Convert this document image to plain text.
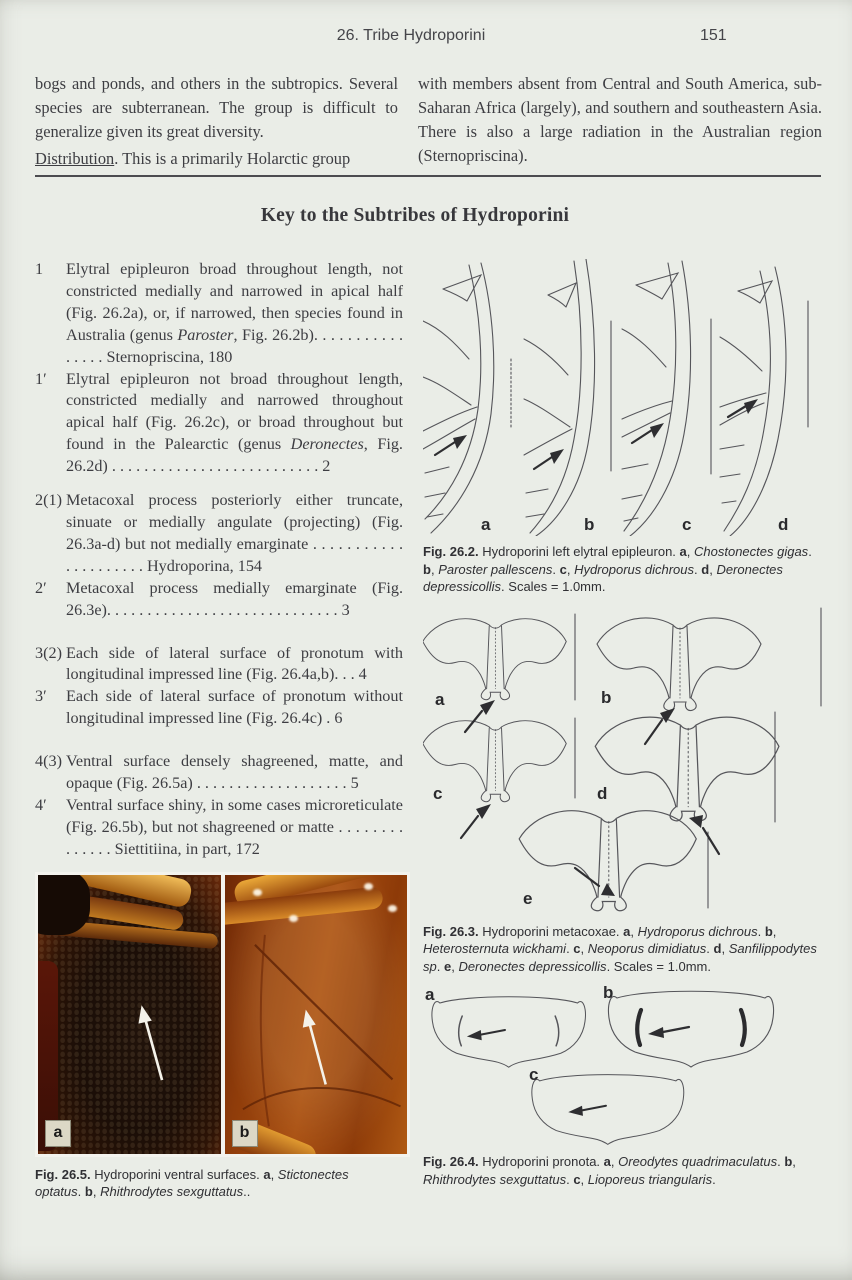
26. Tribe Hydroporini	151

bogs and ponds, and others in the subtropics. Several species are subterranean. The group is difficult to generalize given its great diversity.

Distribution. This is a primarily Holarctic group

with members absent from Central and South America, sub-Saharan Africa (largely), and southern and southeastern Asia. There is also a large radiation in the Australian region (Sternopriscina).

Key to the Subtribes of Hydroporini

1 Elytral epipleuron broad throughout length, not constricted medially and narrowed in apical half (Fig. 26.2a), or, if narrowed, then species found in Australia (genus Paroster, Fig. 26.2b). . . . . . . . . . . . . . . . Sternopriscina, 180

1′ Elytral epipleuron not broad throughout length, constricted medially and narrowed throughout apical half (Fig. 26.2c), or broad throughout but found in the Palearctic (genus Deronectes, Fig. 26.2d) . . . . . . . . . . . . . . . . . . . . . . . . . . 2

2(1) Metacoxal process posteriorly either truncate, sinuate or medially angulate (projecting) (Fig. 26.3a-d) but not medially emarginate . . . . . . . . . . . . . . . . . . . . . Hydroporina, 154

2′ Metacoxal process medially emarginate (Fig. 26.3e). . . . . . . . . . . . . . . . . . . . . . . . . . . . . 3

3(2) Each side of lateral surface of pronotum with longitudinal impressed line (Fig. 26.4a,b). . . 4

3′ Each side of lateral surface of pronotum without longitudinal impressed line (Fig. 26.4c) . 6

4(3) Ventral surface densely shagreened, matte, and opaque (Fig. 26.5a) . . . . . . . . . . . . . . . . . . . 5

4′ Ventral surface shiny, in some cases microreticulate (Fig. 26.5b), but not shagreened or matte . . . . . . . . . . . . . . Siettitiina, in part, 172

a	b

Fig. 26.5. Hydroporini ventral surfaces. a, Stictonectes optatus. b, Rhithrodytes sexguttatus..

a	b	c	d

Fig. 26.2. Hydroporini left elytral epipleuron. a, Chostonectes gigas. b, Paroster pallescens. c, Hydroporus dichrous. d, Deronectes depressicollis. Scales = 1.0mm.

a	b
c	d
e

Fig. 26.3. Hydroporini metacoxae. a, Hydroporus dichrous. b, Heterosternuta wickhami. c, Neoporus dimidiatus. d, Sanfilippodytes sp. e, Deronectes depressicollis. Scales = 1.0mm.

a	b
c

Fig. 26.4. Hydroporini pronota. a, Oreodytes quadrimaculatus. b, Rhithrodytes sexguttatus. c, Lioporeus triangularis.
